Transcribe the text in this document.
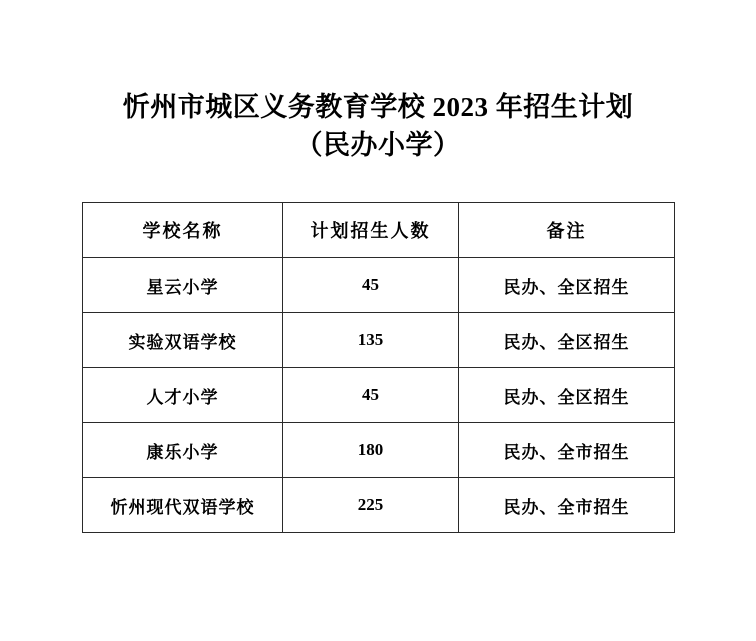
忻州市城区义务教育学校 2023 年招生计划
（民办小学）
学校名称	计划招生人数	备注
星云小学	45	民办、全区招生
实验双语学校	135	民办、全区招生
人才小学	45	民办、全区招生
康乐小学	180	民办、全市招生
忻州现代双语学校	225	民办、全市招生
